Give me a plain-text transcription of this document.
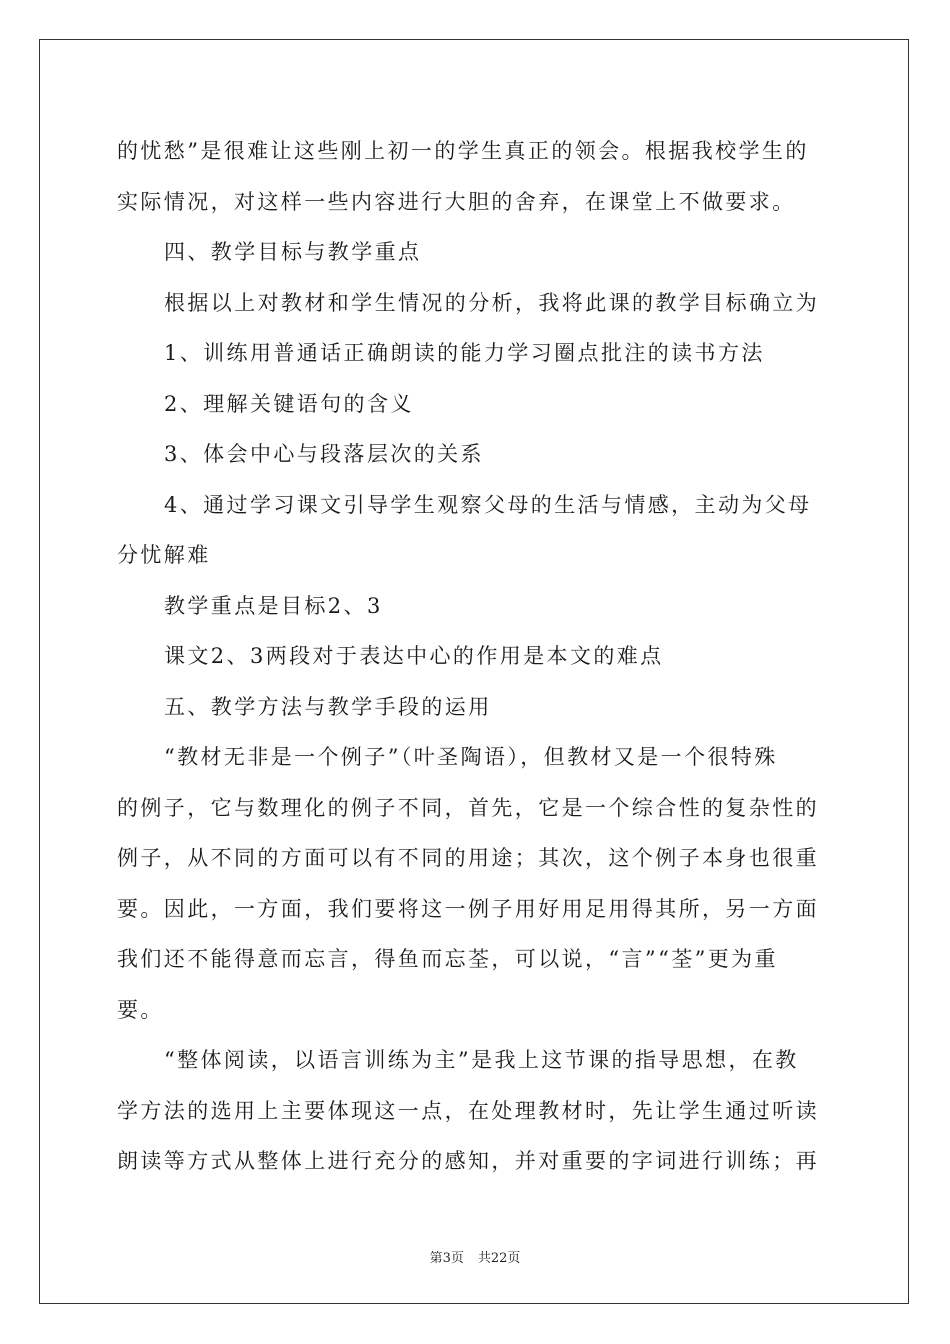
的忧愁”是很难让这些刚上初一的学生真正的领会。根据我校学生的
实际情况，对这样一些内容进行大胆的舍弃，在课堂上不做要求。
四、教学目标与教学重点
根据以上对教材和学生情况的分析，我将此课的教学目标确立为
1、训练用普通话正确朗读的能力学习圈点批注的读书方法
2、理解关键语句的含义
3、体会中心与段落层次的关系
4、通过学习课文引导学生观察父母的生活与情感，主动为父母
分忧解难
教学重点是目标2、3
课文2、3两段对于表达中心的作用是本文的难点
五、教学方法与教学手段的运用
“教材无非是一个例子”（叶圣陶语），但教材又是一个很特殊
的例子，它与数理化的例子不同，首先，它是一个综合性的复杂性的
例子，从不同的方面可以有不同的用途；其次，这个例子本身也很重
要。因此，一方面，我们要将这一例子用好用足用得其所，另一方面
我们还不能得意而忘言，得鱼而忘荃，可以说，“言”“荃”更为重
要。
“整体阅读，以语言训练为主”是我上这节课的指导思想，在教
学方法的选用上主要体现这一点，在处理教材时，先让学生通过听读
朗读等方式从整体上进行充分的感知，并对重要的字词进行训练；再
第3页 共22页
